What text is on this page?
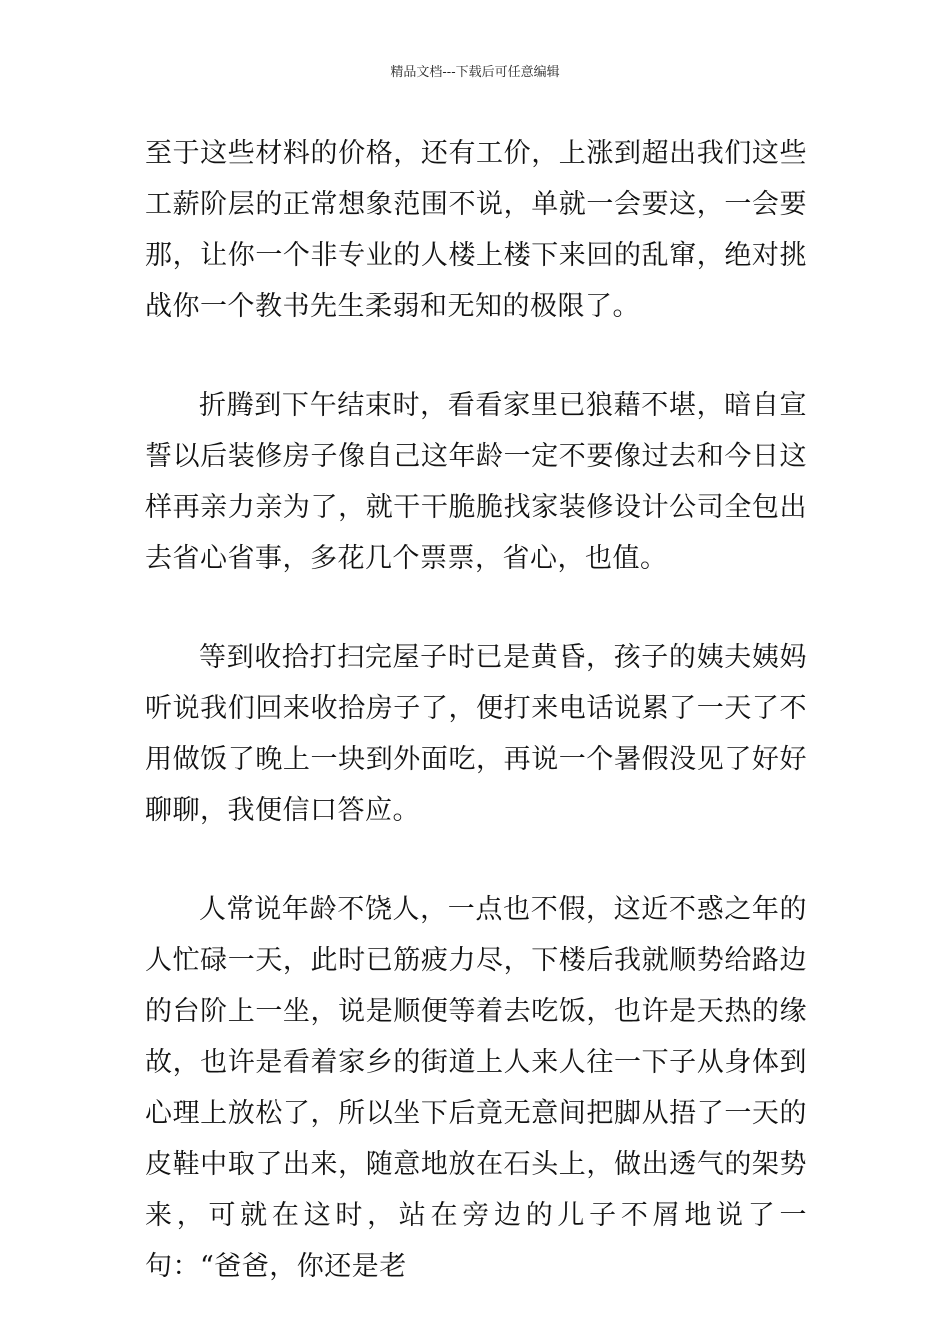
精品文档---下载后可任意编辑

至于这些材料的价格，还有工价，上涨到超出我们这些工薪阶层的正常想象范围不说，单就一会要这，一会要那，让你一个非专业的人楼上楼下来回的乱窜，绝对挑战你一个教书先生柔弱和无知的极限了。

折腾到下午结束时，看看家里已狼藉不堪，暗自宣誓以后装修房子像自己这年龄一定不要像过去和今日这样再亲力亲为了，就干干脆脆找家装修设计公司全包出去省心省事，多花几个票票，省心，也值。

等到收拾打扫完屋子时已是黄昏，孩子的姨夫姨妈听说我们回来收拾房子了，便打来电话说累了一天了不用做饭了晚上一块到外面吃，再说一个暑假没见了好好聊聊，我便信口答应。

人常说年龄不饶人，一点也不假，这近不惑之年的人忙碌一天，此时已筋疲力尽，下楼后我就顺势给路边的台阶上一坐，说是顺便等着去吃饭，也许是天热的缘故，也许是看着家乡的街道上人来人往一下子从身体到心理上放松了，所以坐下后竟无意间把脚从捂了一天的皮鞋中取了出来，随意地放在石头上，做出透气的架势来，可就在这时，站在旁边的儿子不屑地说了一句：“爸爸，你还是老
